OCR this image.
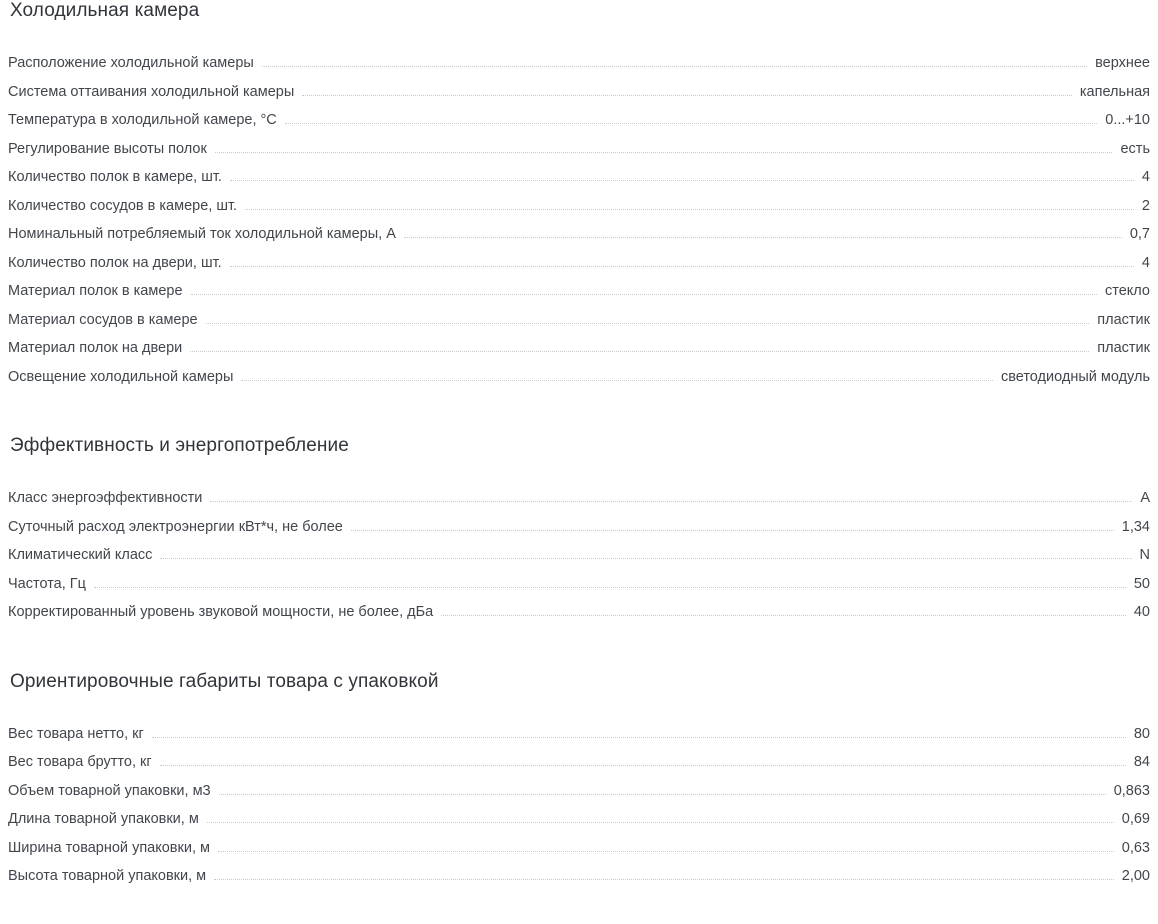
Холодильная камера
Расположение холодильной камеры	верхнее
Система оттаивания холодильной камеры	капельная
Температура в холодильной камере, °C	0...+10
Регулирование высоты полок	есть
Количество полок в камере, шт.	4
Количество сосудов в камере, шт.	2
Номинальный потребляемый ток холодильной камеры, А	0,7
Количество полок на двери, шт.	4
Материал полок в камере	стекло
Материал сосудов в камере	пластик
Материал полок на двери	пластик
Освещение холодильной камеры	светодиодный модуль
Эффективность и энергопотребление
Класс энергоэффективности	A
Суточный расход электроэнергии кВт*ч, не более	1,34
Климатический класс	N
Частота, Гц	50
Корректированный уровень звуковой мощности, не более, дБа	40
Ориентировочные габариты товара с упаковкой
Вес товара нетто, кг	80
Вес товара брутто, кг	84
Объем товарной упаковки, м3	0,863
Длина товарной упаковки, м	0,69
Ширина товарной упаковки, м	0,63
Высота товарной упаковки, м	2,00
